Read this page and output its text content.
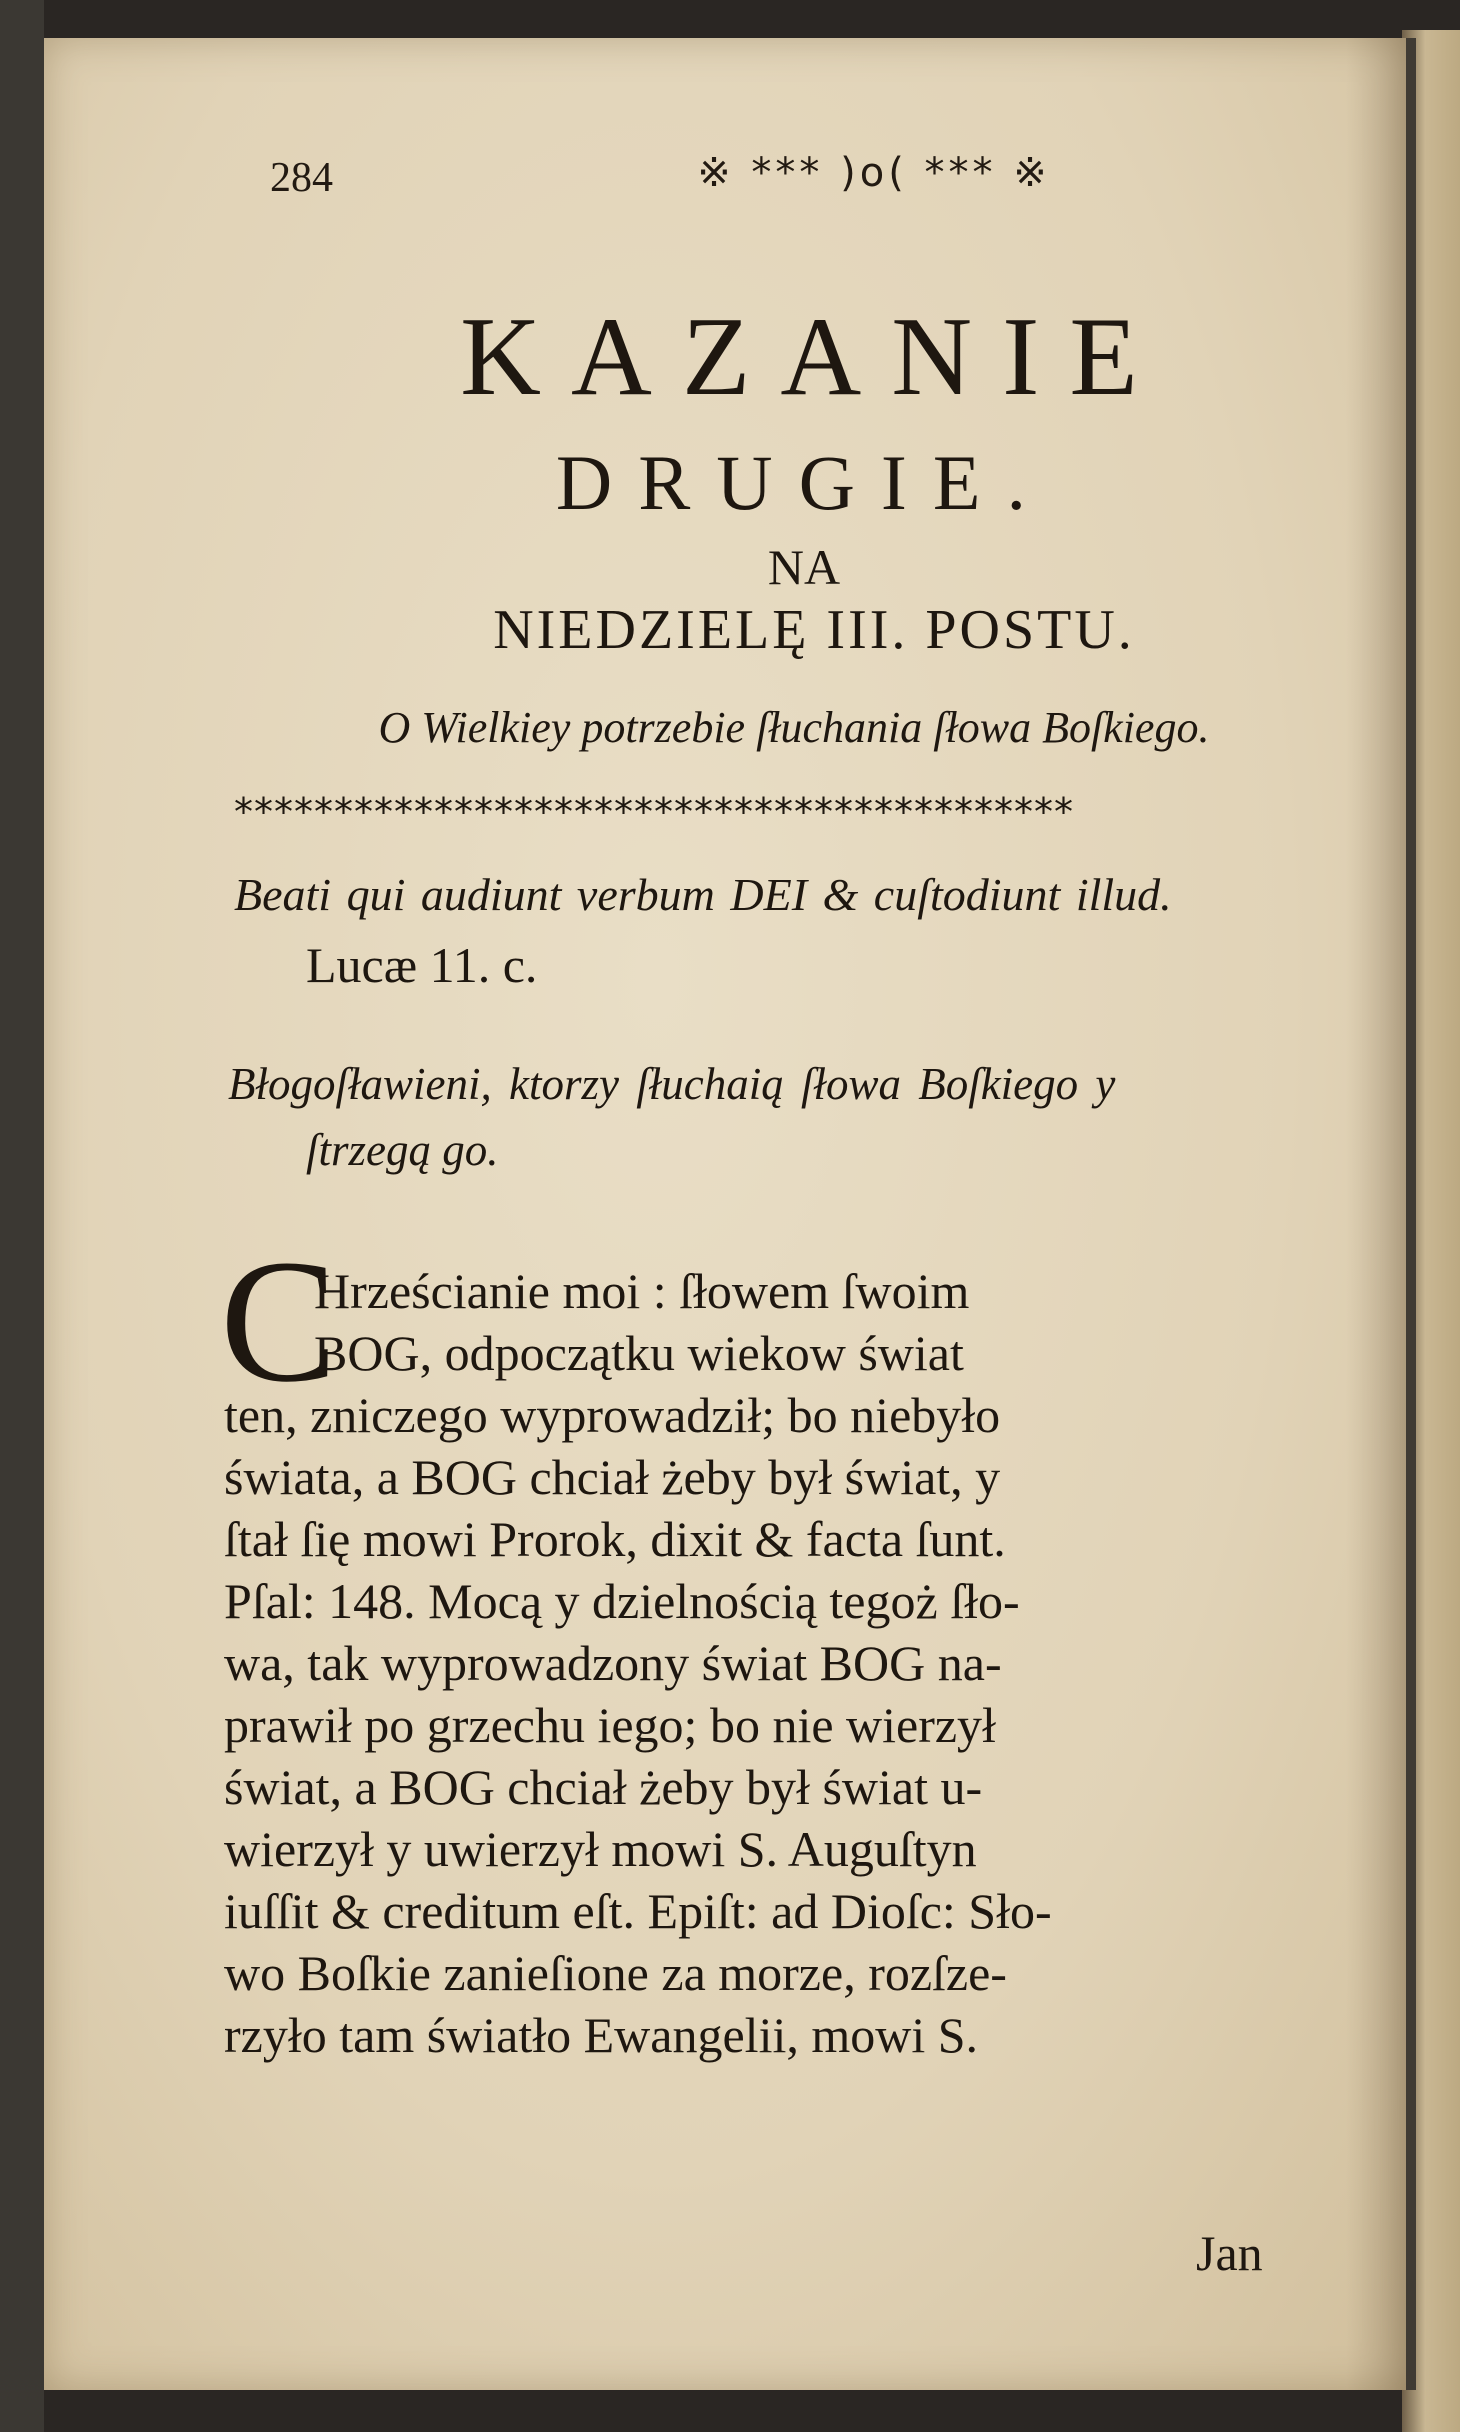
284	※ *** )o( *** ※
KAZANIE
DRUGIE.
NA
NIEDZIELĘ III. POSTU.
O Wielkiey potrzebie ſłuchania ſłowa Boſkiego.
******************************************
Beati qui audiunt verbum DEI & cuſtodiunt illud.
Lucæ 11. c.
Błogoſławieni, ktorzy ſłuchaią ſłowa Boſkiego y
ſtrzegą go.
C
Hrześcianie moi : ſłowem ſwoim
BOG, odpoczątku wiekow świat
ten, zniczego wyprowadził; bo niebyło
świata, a BOG chciał żeby był świat, y
ſtał ſię mowi Prorok, dixit & facta ſunt.
Pſal: 148. Mocą y dzielnością tegoż ſło-
wa, tak wyprowadzony świat BOG na-
prawił po grzechu iego; bo nie wierzył
świat, a BOG chciał żeby był świat u-
wierzył y uwierzył mowi S. Auguſtyn
iuſſit & creditum eſt. Epiſt: ad Dioſc: Sło-
wo Boſkie zanieſione za morze, rozſze-
rzyło tam światło Ewangelii, mowi S.
Jan
